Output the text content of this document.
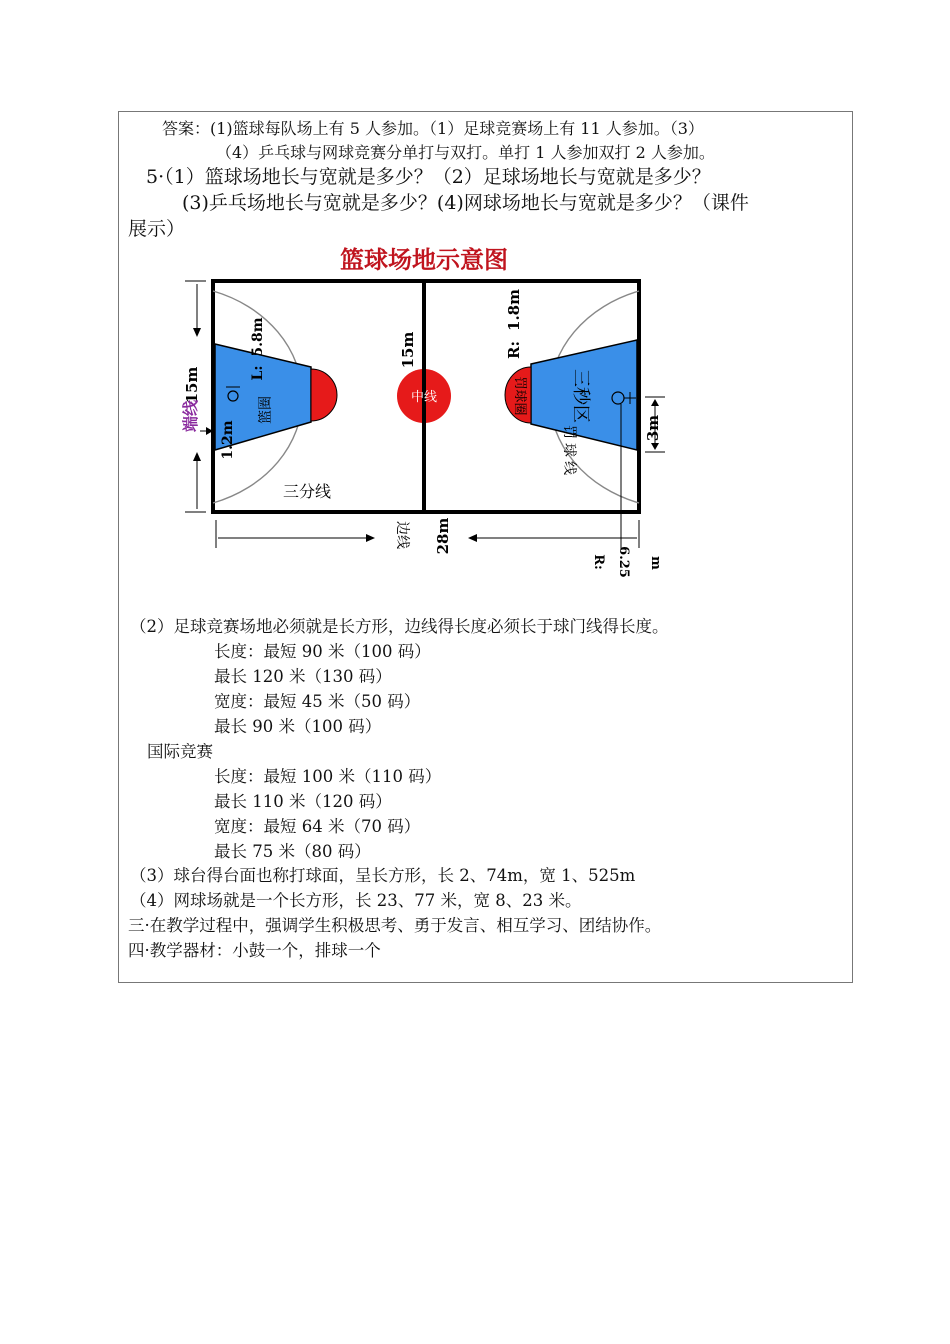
答案：(1)篮球每队场上有 5 人参加。（1）足球竞赛场上有 11 人参加。（3）
（4）乒乓球与网球竞赛分单打与双打。单打 1 人参加双打 2 人参加。
5·（1）篮球场地长与宽就是多少？（2）足球场地长与宽就是多少？
(3)乒乓场地长与宽就是多少？(4)网球场地长与宽就是多少？（课件
展示）
篮球场地示意图
中线
15m
端线
5.8m
L:
篮圈
1.2m
三分线
15m
1.8m
R:
罚球圈 三秒区
罚球线	3m
R: 6.25 m
边线 28m
（2）足球竞赛场地必须就是长方形，边线得长度必须长于球门线得长度。
长度：最短 90 米（100 码）
最长 120 米（130 码）
宽度：最短 45 米（50 码）
最长 90 米（100 码）
国际竞赛
长度：最短 100 米（110 码）
最长 110 米（120 码）
宽度：最短 64 米（70 码）
最长 75 米（80 码）
（3）球台得台面也称打球面，呈长方形，长 2、74m，宽 1、525m
（4）网球场就是一个长方形，长 23、77 米，宽 8、23 米。
三·在教学过程中，强调学生积极思考、勇于发言、相互学习、团结协作。
四·教学器材：小鼓一个，排球一个
